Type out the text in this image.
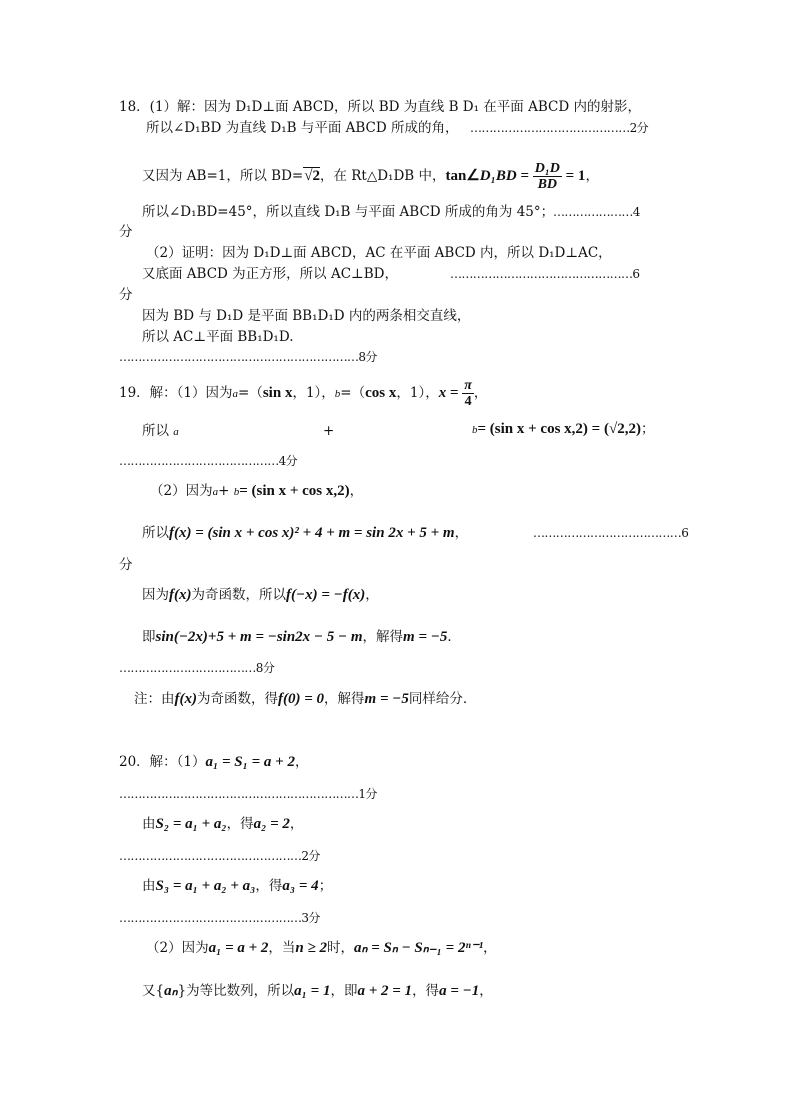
18．(1）解：因为 D₁D⊥面 ABCD，所以 BD 为直线 B D₁ 在平面 ABCD 内的射影，
所以∠D₁BD 为直线 D₁B 与平面 ABCD 所成的角， ……………………………………2分
又因为 AB=1，所以 BD=√2，在 Rt△D₁DB 中，tan∠D₁BD = $\frac{\text{D₁D}}{BD} = 1$，
所以∠D₁BD=45°，所以直线 D₁B 与平面 ABCD 所成的角为 45°；
…………………4
分
（2）证明：因为 D₁D⊥面 ABCD，AC 在平面 ABCD 内，所以 D₁D⊥AC，
又底面 ABCD 为正方形，所以 AC⊥BD，	…………………………………………6
分
因为 BD 与 D₁D 是平面 BB₁D₁D 内的两条相交直线，
所以 AC⊥平面 BB₁D₁D.
………………………………………………………8分
19．解：（1）因为a=（sin x，1），b=（cos x，1），$x = \frac{\pi}{4}$ ，
所以 a	+	b= (sin x + cos x,2) = (√2,2)；
……………………………………4分
（2）因为a+ b= (sin x + cos x,2)，
所以f(x) = (sin x + cos x)² + 4 + m = sin 2x + 5 + m，	…………………………………6
分
因为f(x)为奇函数，所以f(−x) = −f(x)，
即sin(−2x)+5 + m = −sin2x − 5 − m，解得m = −5．
………………………………8分
注：由f(x)为奇函数，得f(0) = 0，解得m = −5同样给分．
20．解：（1）a₁ = S₁ = a + 2，
………………………………………………………1分
由S₂ = a₁ + a₂，得a₂ = 2，
…………………………………………2分
由S₃ = a₁ + a₂ + a₃，得a₃ = 4；
…………………………………………3分
（2）因为a₁ = a + 2，当n ≥ 2时，aₙ = Sₙ − Sₙ₋₁ = 2ⁿ⁻¹，
又{aₙ}为等比数列，所以a₁ = 1，即a + 2 = 1，得a = −1，
